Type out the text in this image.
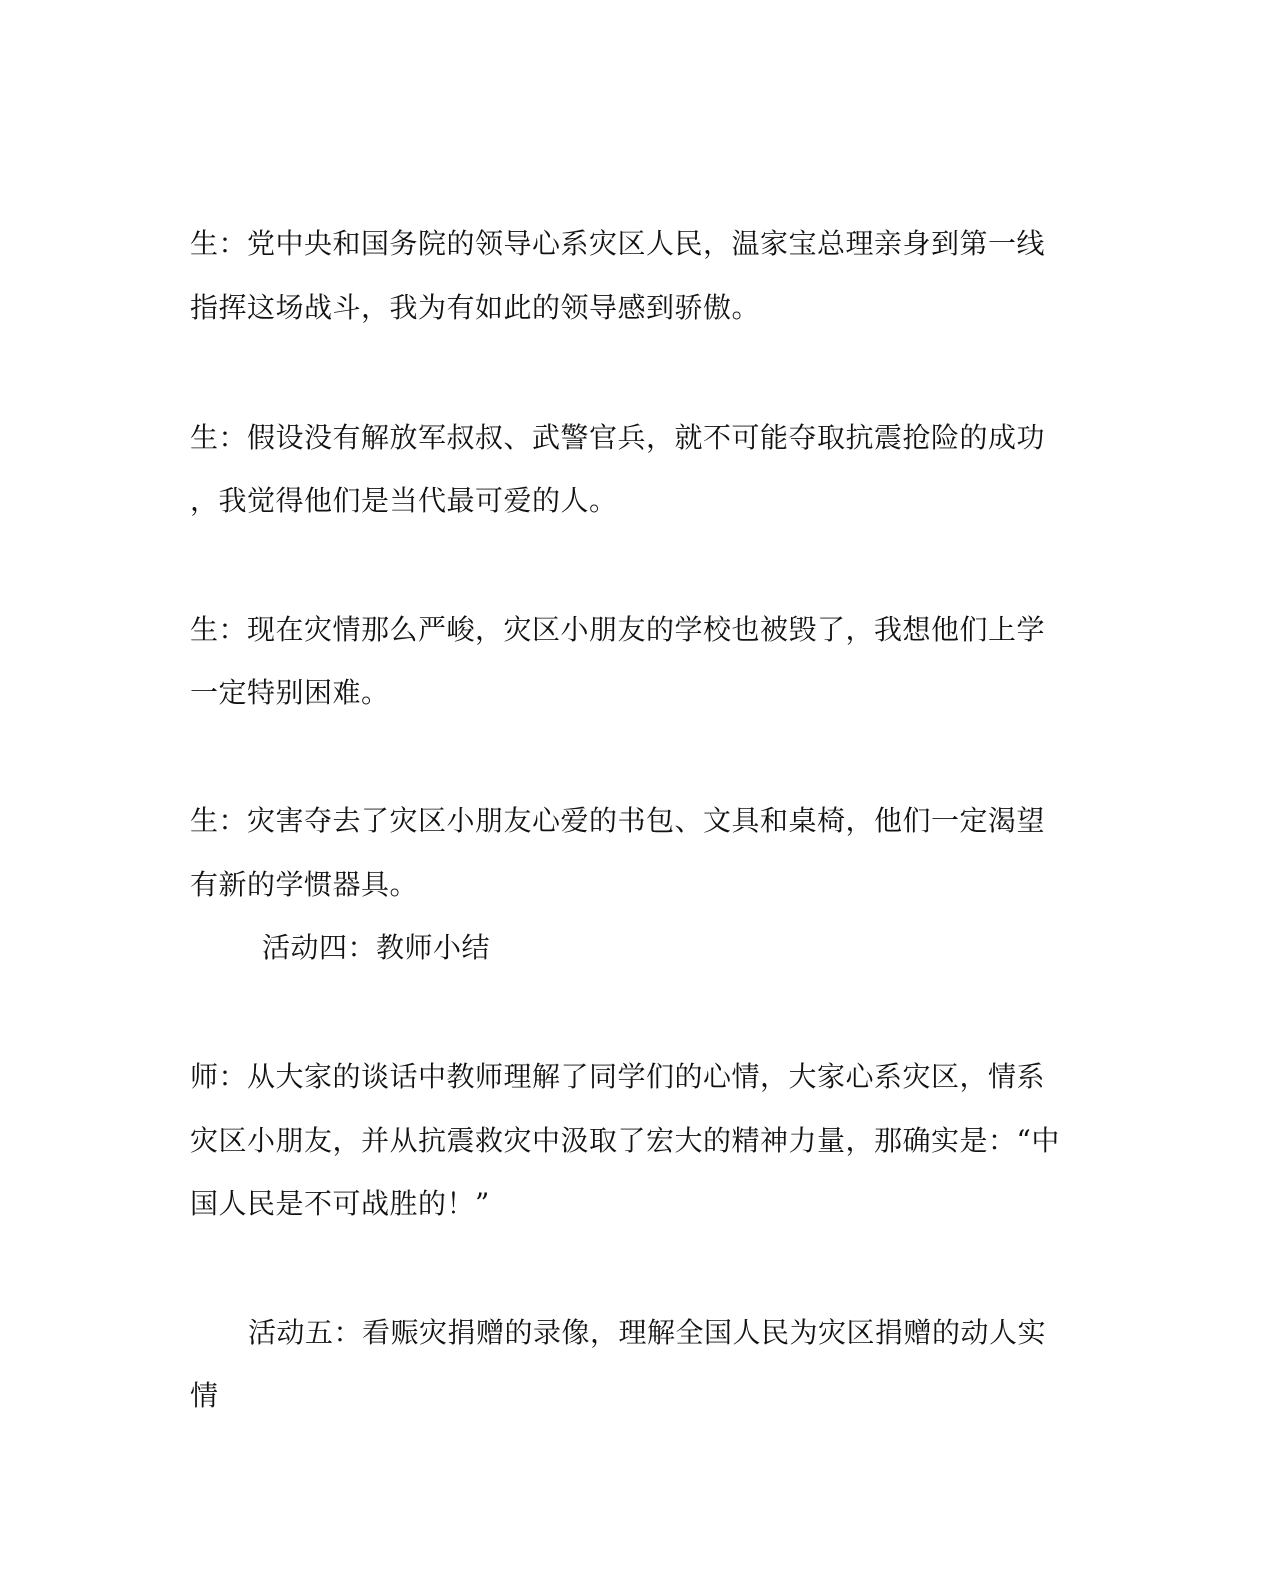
生：党中央和国务院的领导心系灾区人民，温家宝总理亲身到第一线
指挥这场战斗，我为有如此的领导感到骄傲。
生：假设没有解放军叔叔、武警官兵，就不可能夺取抗震抢险的成功
，我觉得他们是当代最可爱的人。
生：现在灾情那么严峻，灾区小朋友的学校也被毁了，我想他们上学
一定特别困难。
生：灾害夺去了灾区小朋友心爱的书包、文具和桌椅，他们一定渴望
有新的学惯器具。
活动四：教师小结
师：从大家的谈话中教师理解了同学们的心情，大家心系灾区，情系
灾区小朋友，并从抗震救灾中汲取了宏大的精神力量，那确实是：“中
国人民是不可战胜的！”
活动五：看赈灾捐赠的录像，理解全国人民为灾区捐赠的动人实
情
